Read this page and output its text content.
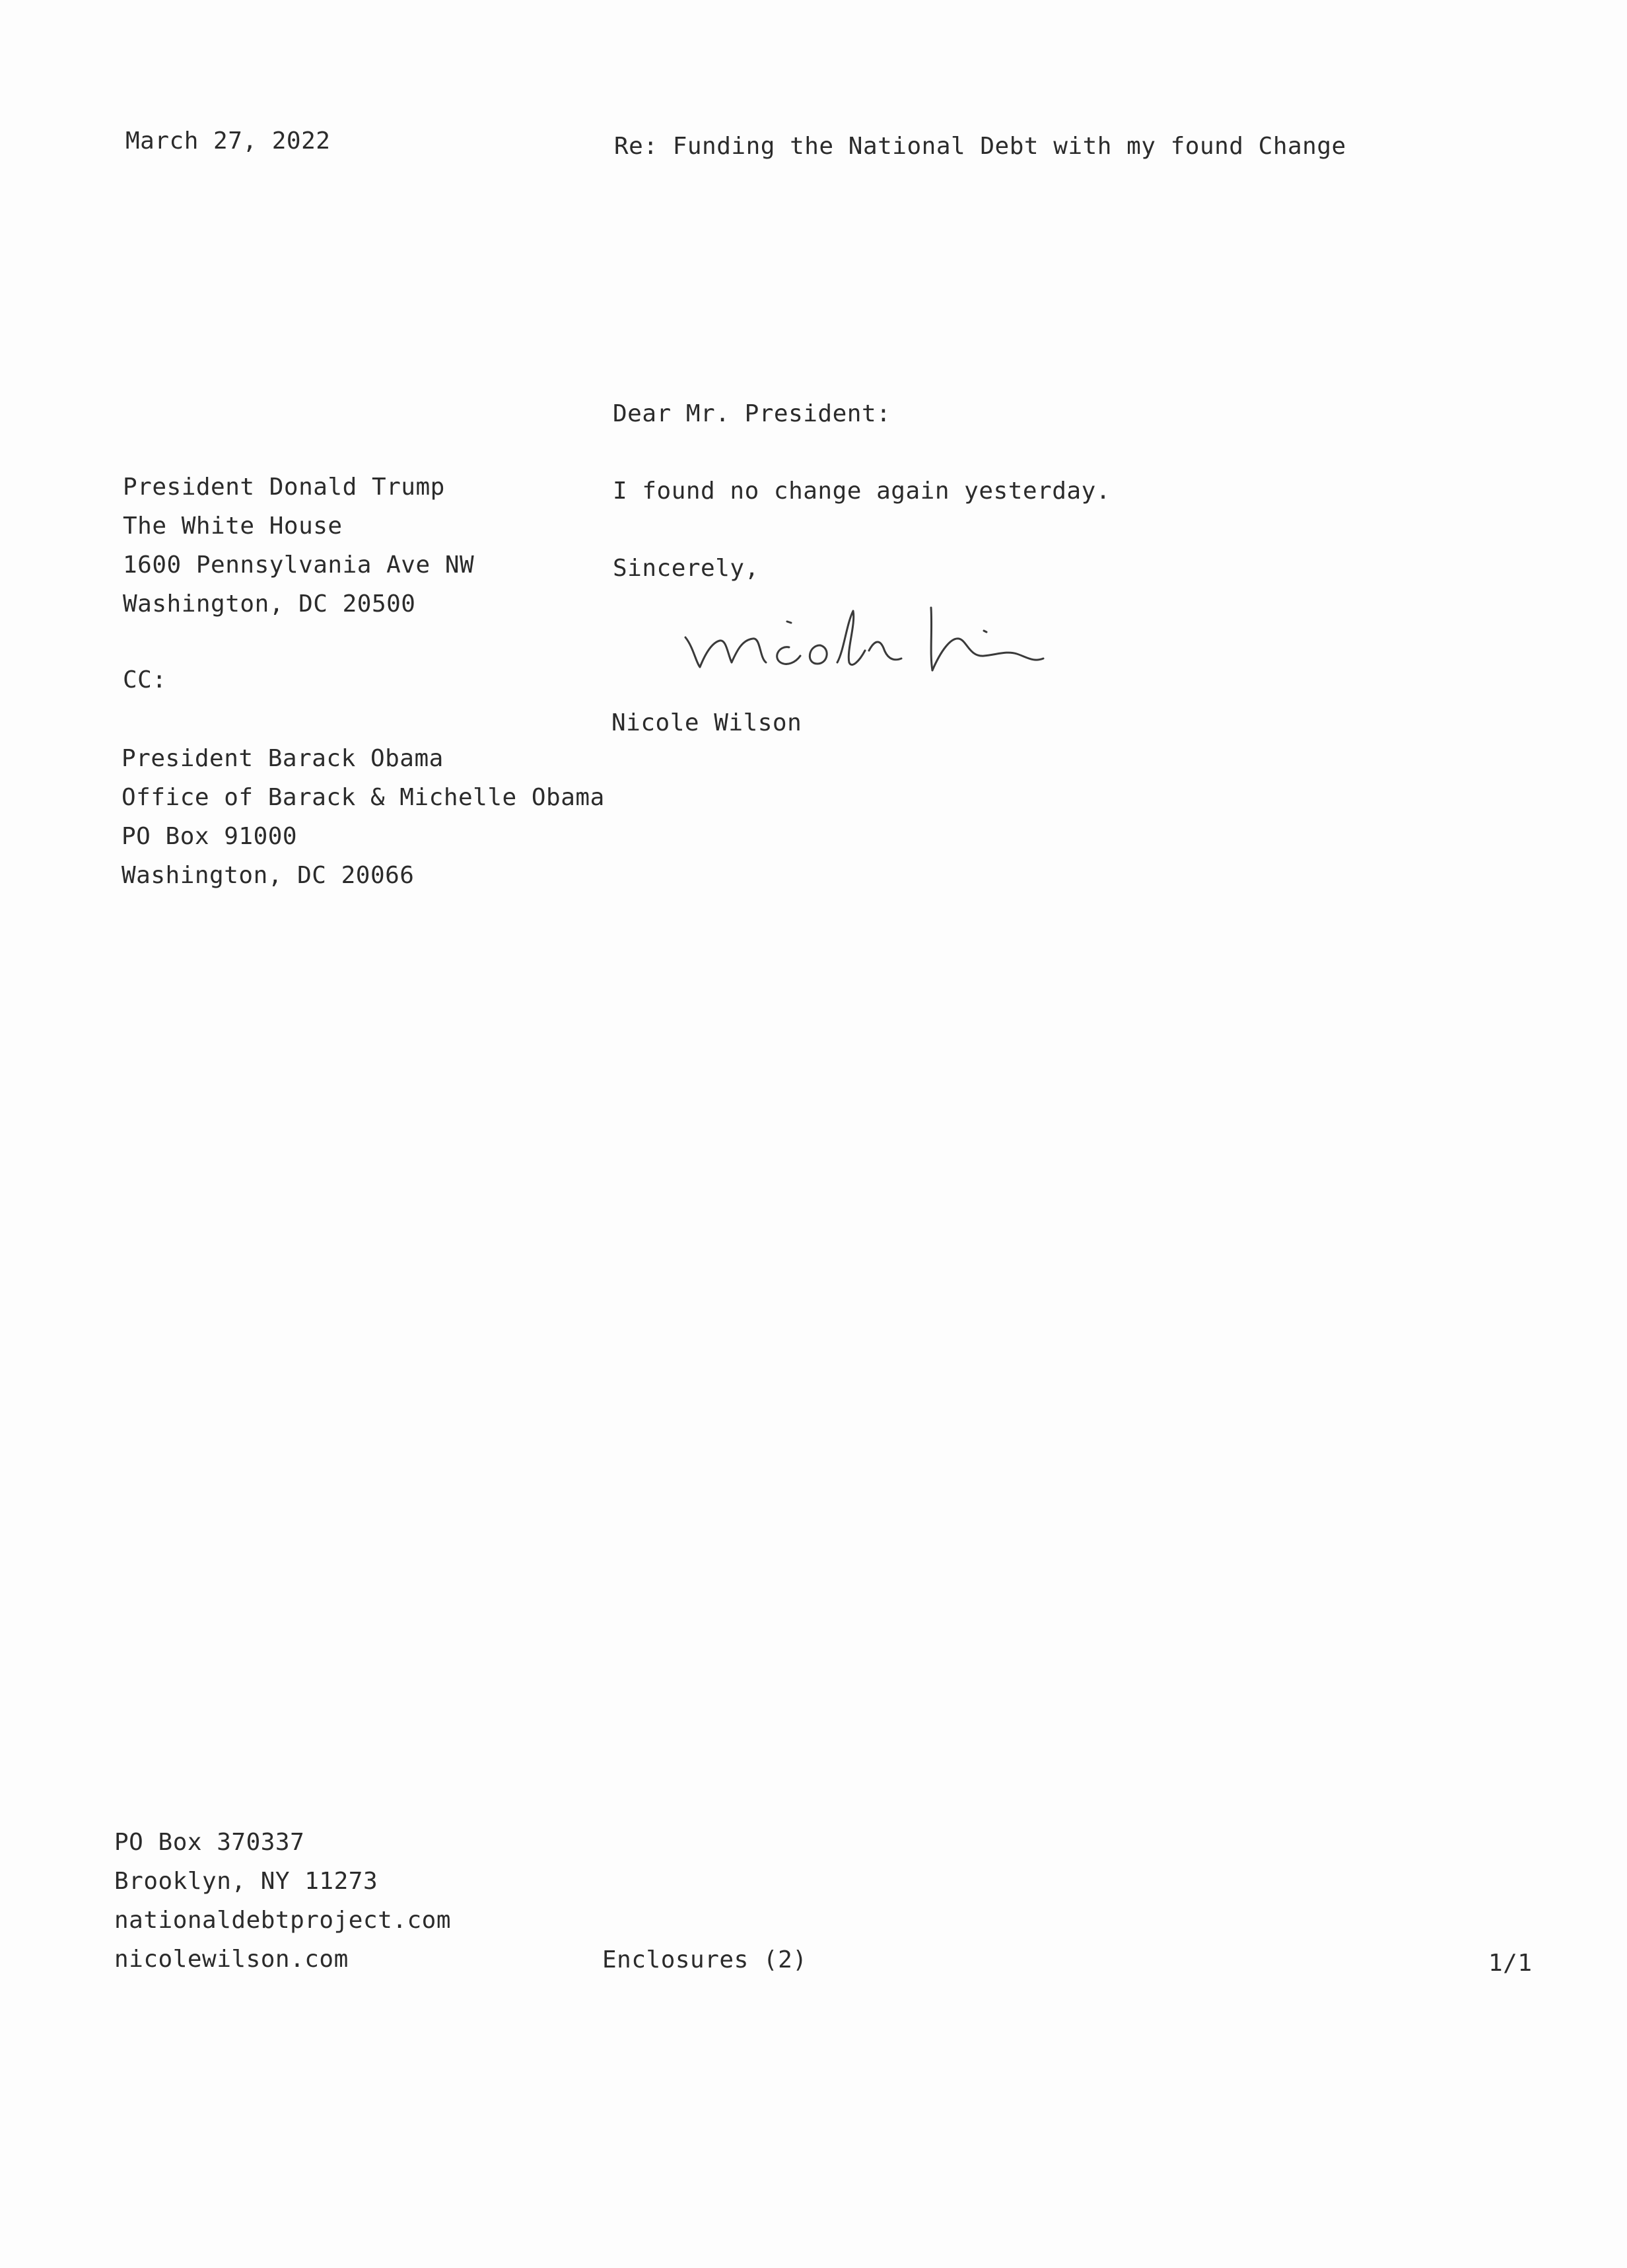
March 27, 2022	Re: Funding the National Debt with my found Change
Dear Mr. President:
President Donald Trump
The White House
1600 Pennsylvania Ave NW
Washington, DC 20500
I found no change again yesterday.
Sincerely,
Nicole Wilson
CC:
President Barack Obama
Office of Barack & Michelle Obama
PO Box 91000
Washington, DC 20066
PO Box 370337
Brooklyn, NY 11273
nationaldebtproject.com
nicolewilson.com	Enclosures (2)	1/1
